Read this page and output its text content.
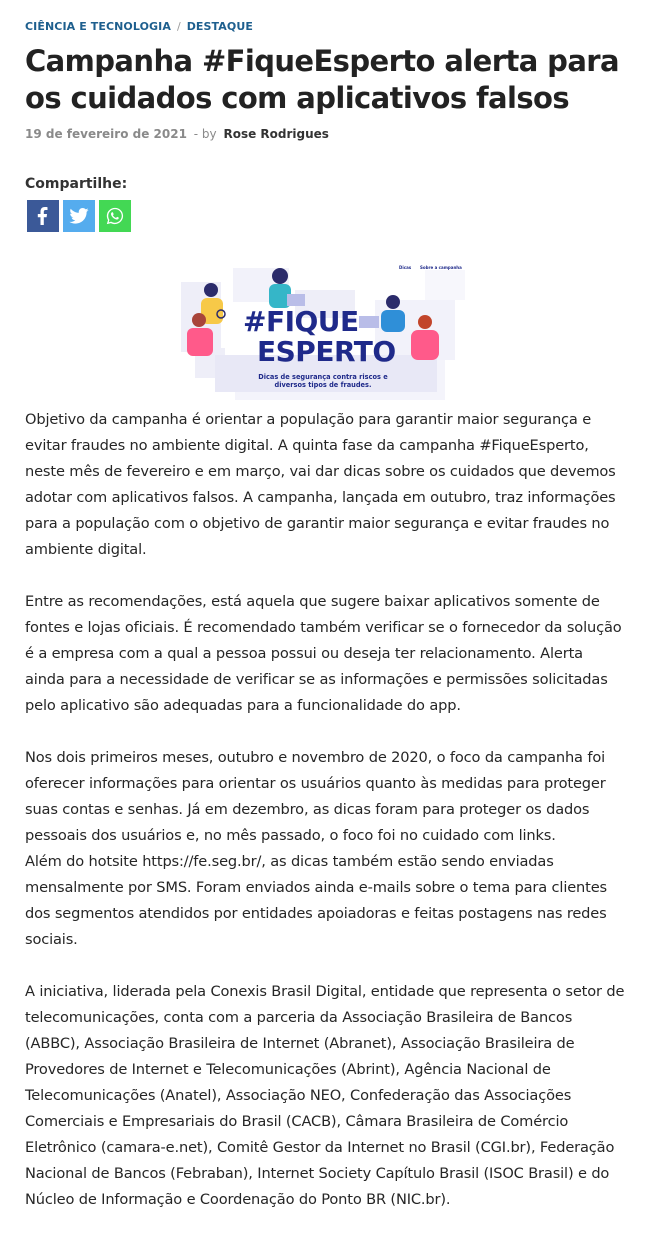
CIÊNCIA E TECNOLOGIA / DESTAQUE
Campanha #FiqueEsperto alerta para os cuidados com aplicativos falsos
19 de fevereiro de 2021 - by Rose Rodrigues
Compartilhe:
Dicas Sobre a campanha
#FIQUE
ESPERTO
Dicas de segurança contra riscos e
diversos tipos de fraudes.

Objetivo da campanha é orientar a população para garantir maior segurança e evitar fraudes no ambiente digital. A quinta fase da campanha #FiqueEsperto, neste mês de fevereiro e em março, vai dar dicas sobre os cuidados que devemos adotar com aplicativos falsos. A campanha, lançada em outubro, traz informações para a população com o objetivo de garantir maior segurança e evitar fraudes no ambiente digital.

Entre as recomendações, está aquela que sugere baixar aplicativos somente de fontes e lojas oficiais. É recomendado também verificar se o fornecedor da solução é a empresa com a qual a pessoa possui ou deseja ter relacionamento. Alerta ainda para a necessidade de verificar se as informações e permissões solicitadas pelo aplicativo são adequadas para a funcionalidade do app.

Nos dois primeiros meses, outubro e novembro de 2020, o foco da campanha foi oferecer informações para orientar os usuários quanto às medidas para proteger suas contas e senhas. Já em dezembro, as dicas foram para proteger os dados pessoais dos usuários e, no mês passado, o foco foi no cuidado com links.
Além do hotsite https://fe.seg.br/, as dicas também estão sendo enviadas mensalmente por SMS. Foram enviados ainda e-mails sobre o tema para clientes dos segmentos atendidos por entidades apoiadoras e feitas postagens nas redes sociais.

A iniciativa, liderada pela Conexis Brasil Digital, entidade que representa o setor de telecomunicações, conta com a parceria da Associação Brasileira de Bancos (ABBC), Associação Brasileira de Internet (Abranet), Associação Brasileira de Provedores de Internet e Telecomunicações (Abrint), Agência Nacional de Telecomunicações (Anatel), Associação NEO, Confederação das Associações Comerciais e Empresariais do Brasil (CACB), Câmara Brasileira de Comércio Eletrônico (camara-e.net), Comitê Gestor da Internet no Brasil (CGI.br), Federação Nacional de Bancos (Febraban), Internet Society Capítulo Brasil (ISOC Brasil) e do Núcleo de Informação e Coordenação do Ponto BR (NIC.br).
